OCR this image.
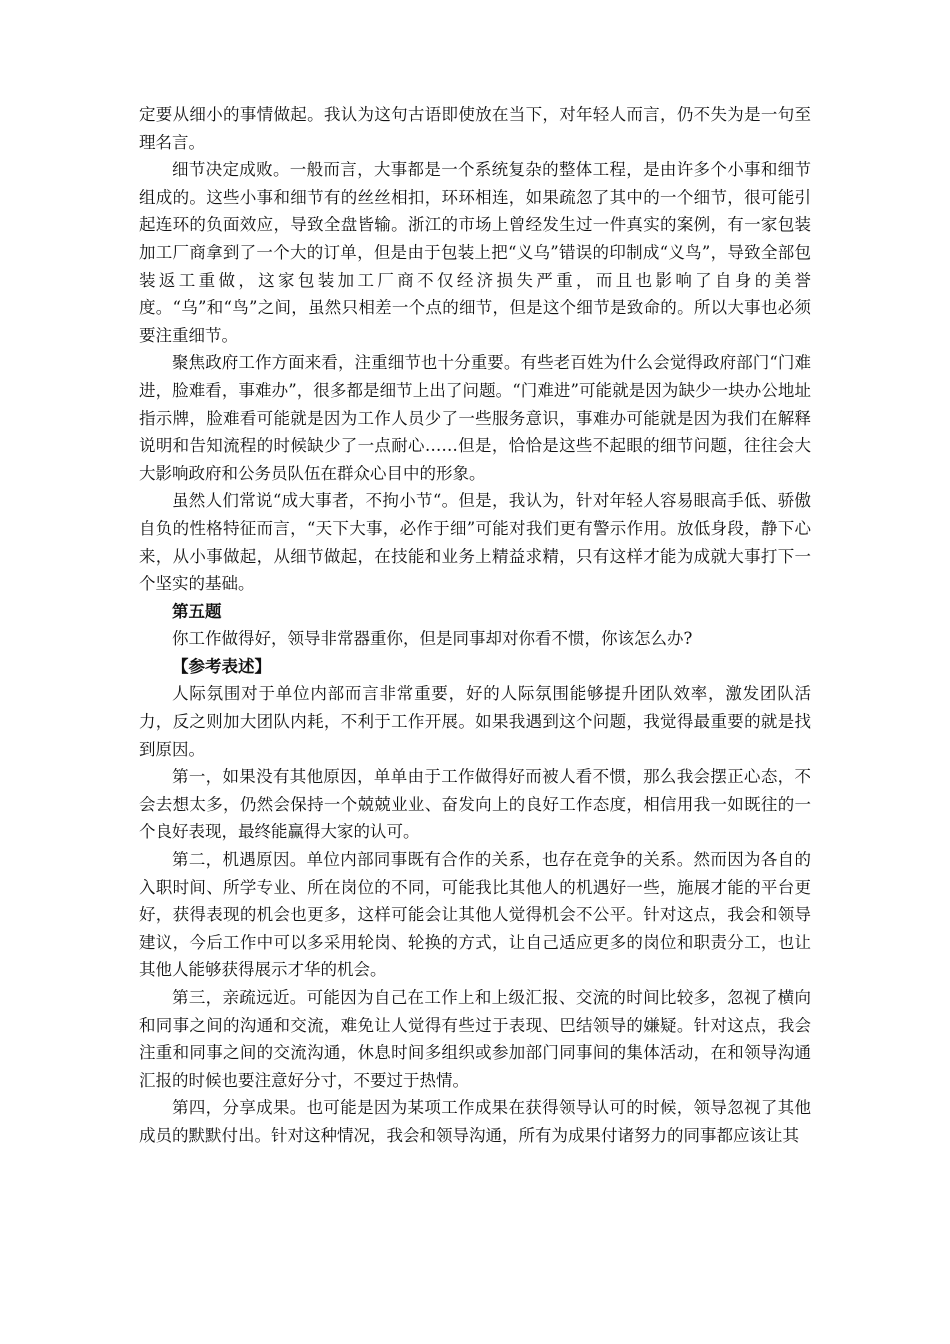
定要从细小的事情做起。我认为这句古语即使放在当下，对年轻人而言，仍不失为是一句至理名言。

细节决定成败。一般而言，大事都是一个系统复杂的整体工程，是由许多个小事和细节组成的。这些小事和细节有的丝丝相扣，环环相连，如果疏忽了其中的一个细节，很可能引起连环的负面效应，导致全盘皆输。浙江的市场上曾经发生过一件真实的案例，有一家包装加工厂商拿到了一个大的订单，但是由于包装上把“义乌”错误的印制成“义鸟”，导致全部包装返工重做，这家包装加工厂商不仅经济损失严重，而且也影响了自身的美誉度。“乌”和“鸟”之间，虽然只相差一个点的细节，但是这个细节是致命的。所以大事也必须要注重细节。

聚焦政府工作方面来看，注重细节也十分重要。有些老百姓为什么会觉得政府部门“门难进，脸难看，事难办”，很多都是细节上出了问题。“门难进”可能就是因为缺少一块办公地址指示牌，脸难看可能就是因为工作人员少了一些服务意识，事难办可能就是因为我们在解释说明和告知流程的时候缺少了一点耐心……但是，恰恰是这些不起眼的细节问题，往往会大大影响政府和公务员队伍在群众心目中的形象。

虽然人们常说“成大事者，不拘小节“。但是，我认为，针对年轻人容易眼高手低、骄傲自负的性格特征而言，“天下大事，必作于细”可能对我们更有警示作用。放低身段，静下心来，从小事做起，从细节做起，在技能和业务上精益求精，只有这样才能为成就大事打下一个坚实的基础。

第五题

你工作做得好，领导非常器重你，但是同事却对你看不惯，你该怎么办?

【参考表述】

人际氛围对于单位内部而言非常重要，好的人际氛围能够提升团队效率，激发团队活力，反之则加大团队内耗，不利于工作开展。如果我遇到这个问题，我觉得最重要的就是找到原因。

第一，如果没有其他原因，单单由于工作做得好而被人看不惯，那么我会摆正心态，不会去想太多，仍然会保持一个兢兢业业、奋发向上的良好工作态度，相信用我一如既往的一个良好表现，最终能赢得大家的认可。

第二，机遇原因。单位内部同事既有合作的关系，也存在竞争的关系。然而因为各自的入职时间、所学专业、所在岗位的不同，可能我比其他人的机遇好一些，施展才能的平台更好，获得表现的机会也更多，这样可能会让其他人觉得机会不公平。针对这点，我会和领导建议，今后工作中可以多采用轮岗、轮换的方式，让自己适应更多的岗位和职责分工，也让其他人能够获得展示才华的机会。

第三，亲疏远近。可能因为自己在工作上和上级汇报、交流的时间比较多，忽视了横向和同事之间的沟通和交流，难免让人觉得有些过于表现、巴结领导的嫌疑。针对这点，我会注重和同事之间的交流沟通，休息时间多组织或参加部门同事间的集体活动，在和领导沟通汇报的时候也要注意好分寸，不要过于热情。

第四，分享成果。也可能是因为某项工作成果在获得领导认可的时候，领导忽视了其他成员的默默付出。针对这种情况，我会和领导沟通，所有为成果付诸努力的同事都应该让其
